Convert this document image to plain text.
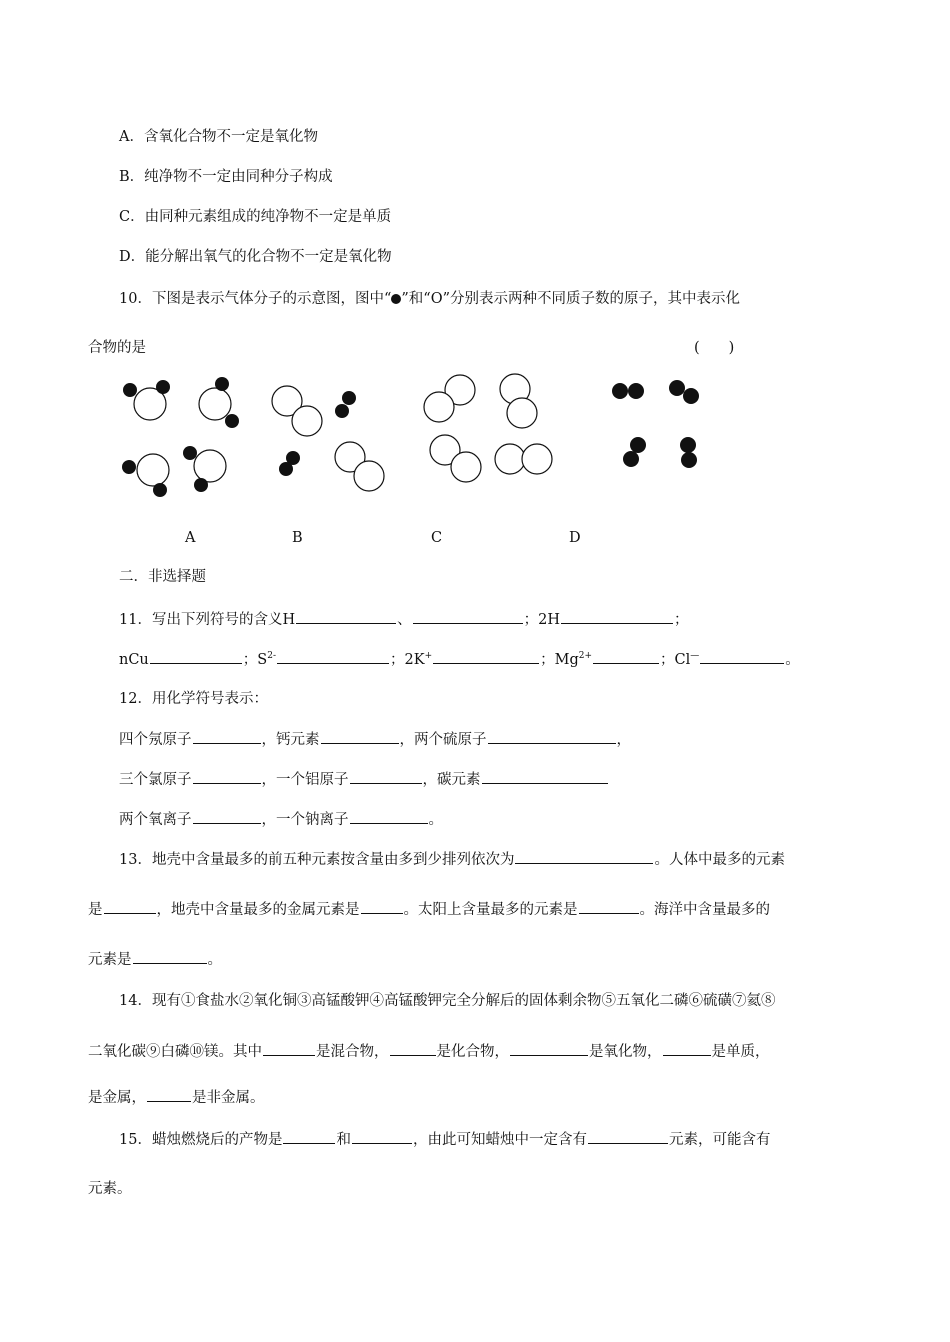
A．含氧化合物不一定是氧化物
B．纯净物不一定由同种分子构成
C．由同种元素组成的纯净物不一定是单质
D．能分解出氧气的化合物不一定是氧化物
10．下图是表示气体分子的示意图，图中“ ”和“O”分别表示两种不同质子数的原子，其中表示化
合物的是	(　　)
A	B	C	D
二．非选择题
11．写出下列符号的含义H	、	；2H	；
nCu	；$S^{2-}$	；2K+	；$Mg^{2+}$	；Cl—	。
12．用化学符号表示：
四个氖原子	，钙元素	，两个硫原子	，
三个氯原子	，一个铝原子	，碳元素
两个氧离子	，一个钠离子	。
13．地壳中含量最多的前五种元素按含量由多到少排列依次为	。人体中最多的元素
是	，地壳中含量最多的金属元素是	。太阳上含量最多的元素是	。海洋中含量最多的
元素是	。
14．现有①食盐水②氧化铜③高锰酸钾④高锰酸钾完全分解后的固体剩余物⑤五氧化二磷⑥硫磺⑦氦⑧
二氧化碳⑨白磷⑩镁。其中	是混合物，	是化合物，	是氧化物，	是单质，
是金属，	是非金属。
15．蜡烛燃烧后的产物是	和	，由此可知蜡烛中一定含有	元素，可能含有
元素。
